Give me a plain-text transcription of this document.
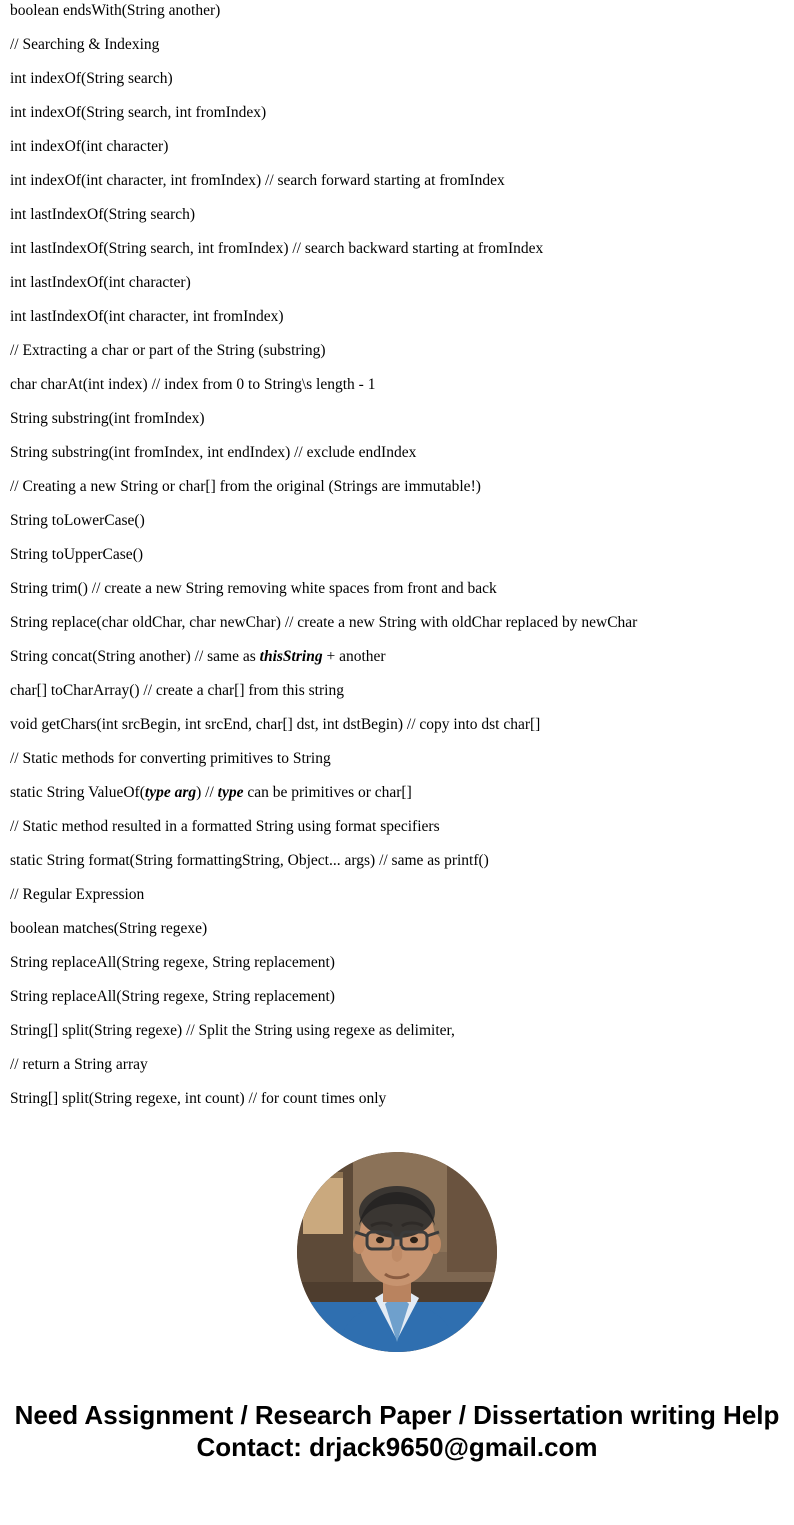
boolean endsWith(String another)
// Searching & Indexing
int indexOf(String search)
int indexOf(String search, int fromIndex)
int indexOf(int character)
int indexOf(int character, int fromIndex) // search forward starting at fromIndex
int lastIndexOf(String search)
int lastIndexOf(String search, int fromIndex) // search backward starting at fromIndex
int lastIndexOf(int character)
int lastIndexOf(int character, int fromIndex)
// Extracting a char or part of the String (substring)
char charAt(int index) // index from 0 to String\s length - 1
String substring(int fromIndex)
String substring(int fromIndex, int endIndex) // exclude endIndex
// Creating a new String or char[] from the original (Strings are immutable!)
String toLowerCase()
String toUpperCase()
String trim() // create a new String removing white spaces from front and back
String replace(char oldChar, char newChar) // create a new String with oldChar replaced by newChar
String concat(String another) // same as thisString + another
char[] toCharArray() // create a char[] from this string
void getChars(int srcBegin, int srcEnd, char[] dst, int dstBegin) // copy into dst char[]
// Static methods for converting primitives to String
static String ValueOf(type arg) // type can be primitives or char[]
// Static method resulted in a formatted String using format specifiers
static String format(String formattingString, Object... args) // same as printf()
// Regular Expression
boolean matches(String regexe)
String replaceAll(String regexe, String replacement)
String replaceAll(String regexe, String replacement)
String[] split(String regexe) // Split the String using regexe as delimiter,
// return a String array
String[] split(String regexe, int count) // for count times only
Need Assignment / Research Paper / Dissertation writing Help
Contact: drjack9650@gmail.com
